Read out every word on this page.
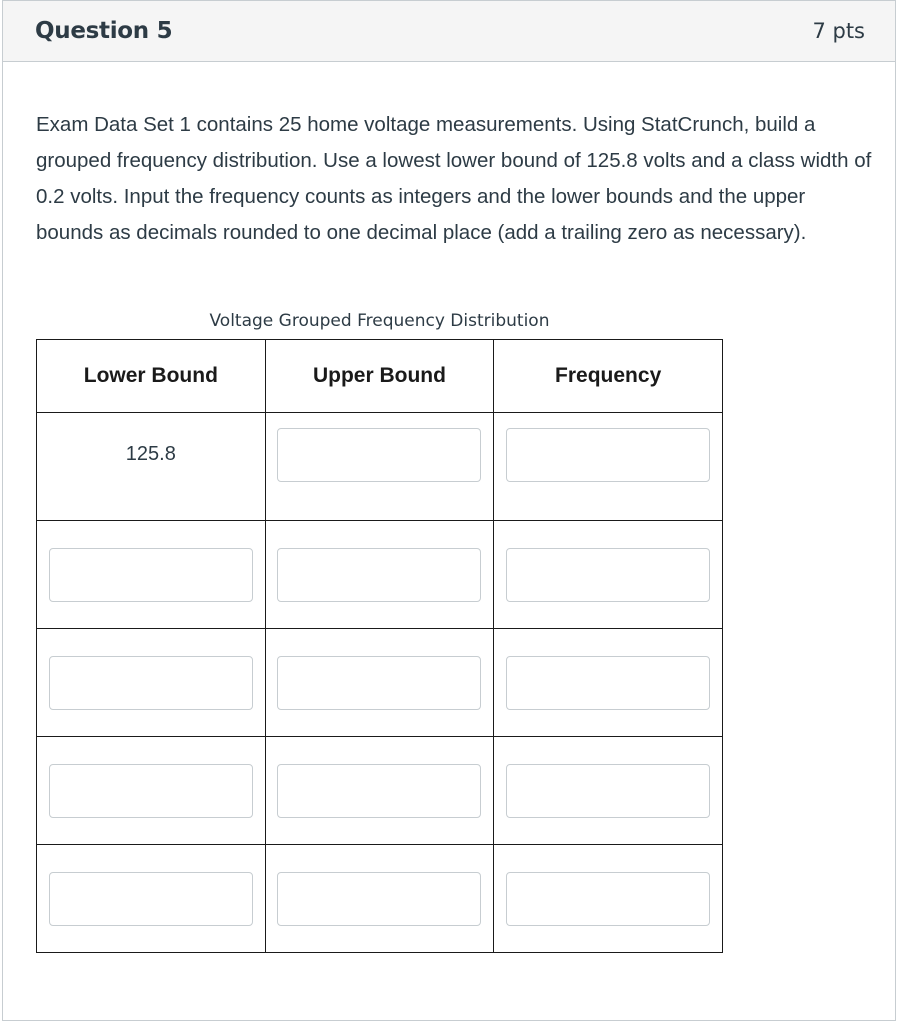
Question 5	7 pts

Exam Data Set 1 contains 25 home voltage measurements. Using StatCrunch, build a grouped frequency distribution. Use a lowest lower bound of 125.8 volts and a class width of 0.2 volts. Input the frequency counts as integers and the lower bounds and the upper bounds as decimals rounded to one decimal place (add a trailing zero as necessary).

Voltage Grouped Frequency Distribution
Lower Bound	Upper Bound	Frequency
125.8	
